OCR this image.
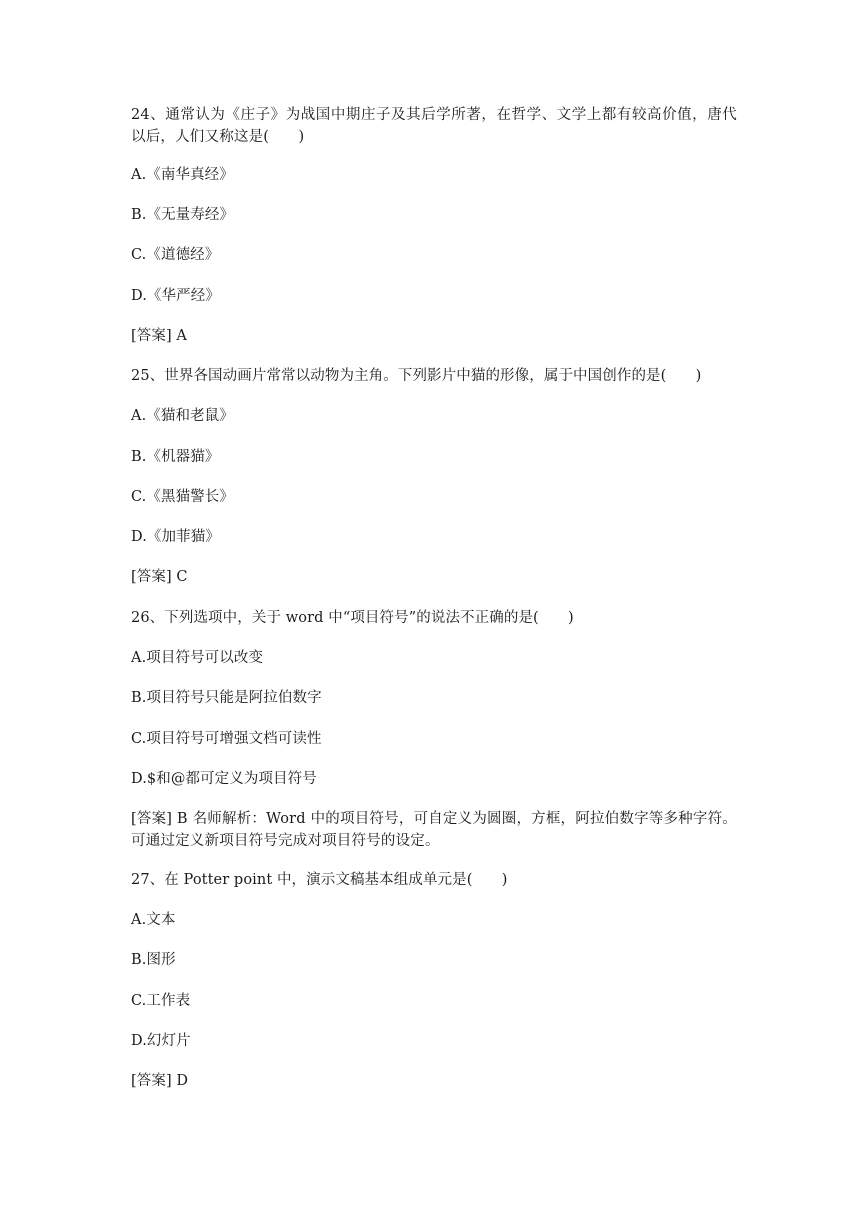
24、通常认为《庄子》为战国中期庄子及其后学所著，在哲学、文学上都有较高价值，唐代以后，人们又称这是(　　)
A.《南华真经》
B.《无量寿经》
C.《道德经》
D.《华严经》
[答案] A
25、世界各国动画片常常以动物为主角。下列影片中猫的形像，属于中国创作的是(　　)
A.《猫和老鼠》
B.《机器猫》
C.《黑猫警长》
D.《加菲猫》
[答案] C
26、下列选项中，关于 word 中“项目符号”的说法不正确的是(　　)
A.项目符号可以改变
B.项目符号只能是阿拉伯数字
C.项目符号可增强文档可读性
D.$和@都可定义为项目符号
[答案] B 名师解析：Word 中的项目符号，可自定义为圆圈，方框，阿拉伯数字等多种字符。可通过定义新项目符号完成对项目符号的设定。
27、在 Potter point 中，演示文稿基本组成单元是(　　)
A.文本
B.图形
C.工作表
D.幻灯片
[答案] D
